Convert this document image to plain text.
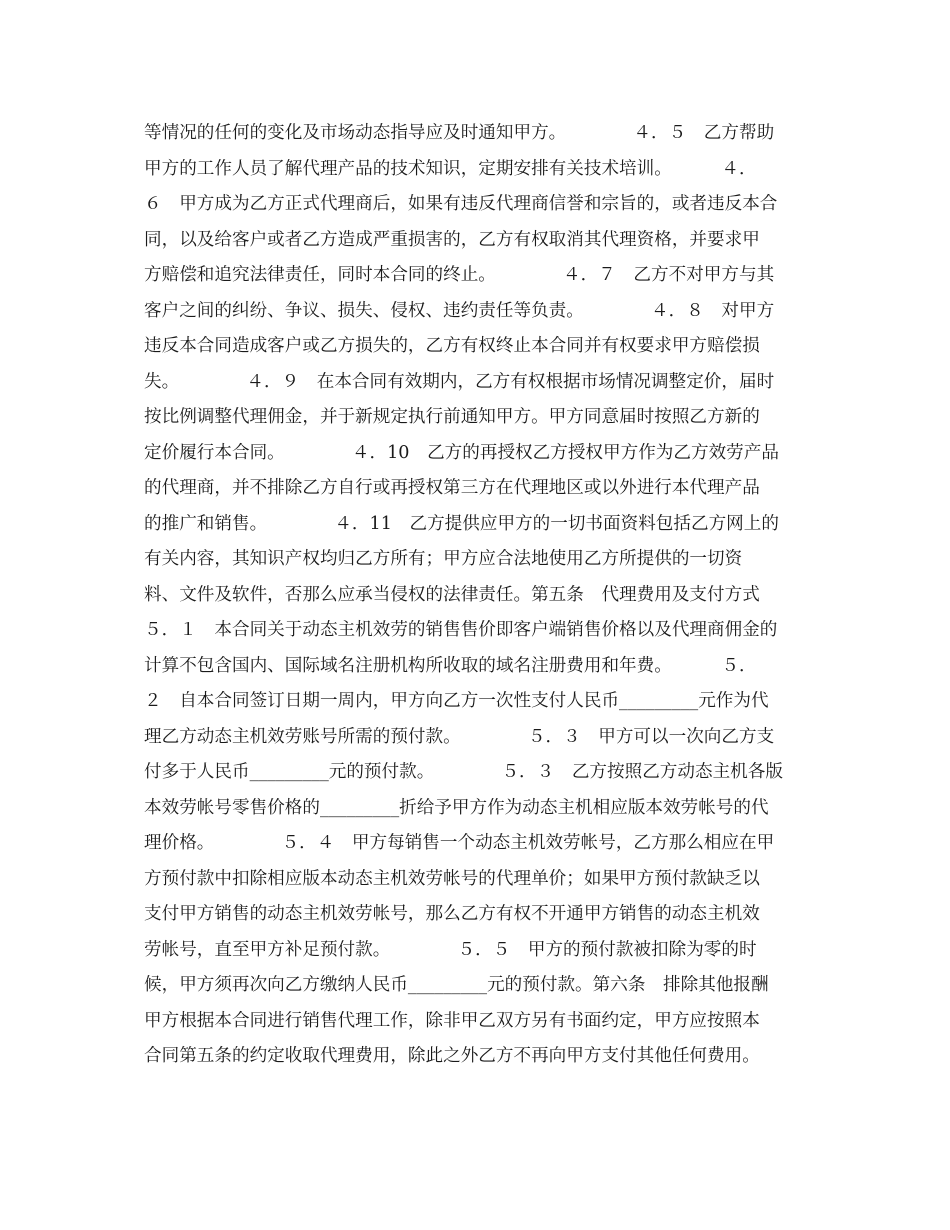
等情况的任何的变化及市场动态指导应及时通知甲方。　　　　 ４．５　乙方帮助
甲方的工作人员了解代理产品的技术知识，定期安排有关技术培训。　　　 ４．
６　甲方成为乙方正式代理商后，如果有违反代理商信誉和宗旨的，或者违反本合
同，以及给客户或者乙方造成严重损害的，乙方有权取消其代理资格，并要求甲
方赔偿和追究法律责任，同时本合同的终止。　　　　 ４．７　乙方不对甲方与其
客户之间的纠纷、争议、损失、侵权、违约责任等负责。　　　　 ４．８　对甲方
违反本合同造成客户或乙方损失的，乙方有权终止本合同并有权要求甲方赔偿损
失。　　　　 ４．９　在本合同有效期内，乙方有权根据市场情况调整定价，届时
按比例调整代理佣金，并于新规定执行前通知甲方。甲方同意届时按照乙方新的
定价履行本合同。　　　　 ４．10　乙方的再授权乙方授权甲方作为乙方效劳产品
的代理商，并不排除乙方自行或再授权第三方在代理地区或以外进行本代理产品
的推广和销售。　　　　 ４．11　乙方提供应甲方的一切书面资料包括乙方网上的
有关内容，其知识产权均归乙方所有；甲方应合法地使用乙方所提供的一切资
料、文件及软件，否那么应承当侵权的法律责任。第五条　代理费用及支付方式
５．１　本合同关于动态主机效劳的销售售价即客户端销售价格以及代理商佣金的
计算不包含国内、国际域名注册机构所收取的域名注册费用和年费。　　　 ５．
２　自本合同签订日期一周内，甲方向乙方一次性支付人民币_________元作为代
理乙方动态主机效劳账号所需的预付款。　　　　 ５．３　甲方可以一次向乙方支
付多于人民币_________元的预付款。　　　　 ５．３　乙方按照乙方动态主机各版
本效劳帐号零售价格的_________折给予甲方作为动态主机相应版本效劳帐号的代
理价格。　　　　 ５．４　甲方每销售一个动态主机效劳帐号，乙方那么相应在甲
方预付款中扣除相应版本动态主机效劳帐号的代理单价；如果甲方预付款缺乏以
支付甲方销售的动态主机效劳帐号，那么乙方有权不开通甲方销售的动态主机效
劳帐号，直至甲方补足预付款。　　　　 ５．５　甲方的预付款被扣除为零的时
候，甲方须再次向乙方缴纳人民币_________元的预付款。第六条　排除其他报酬
甲方根据本合同进行销售代理工作，除非甲乙双方另有书面约定，甲方应按照本
合同第五条的约定收取代理费用，除此之外乙方不再向甲方支付其他任何费用。
